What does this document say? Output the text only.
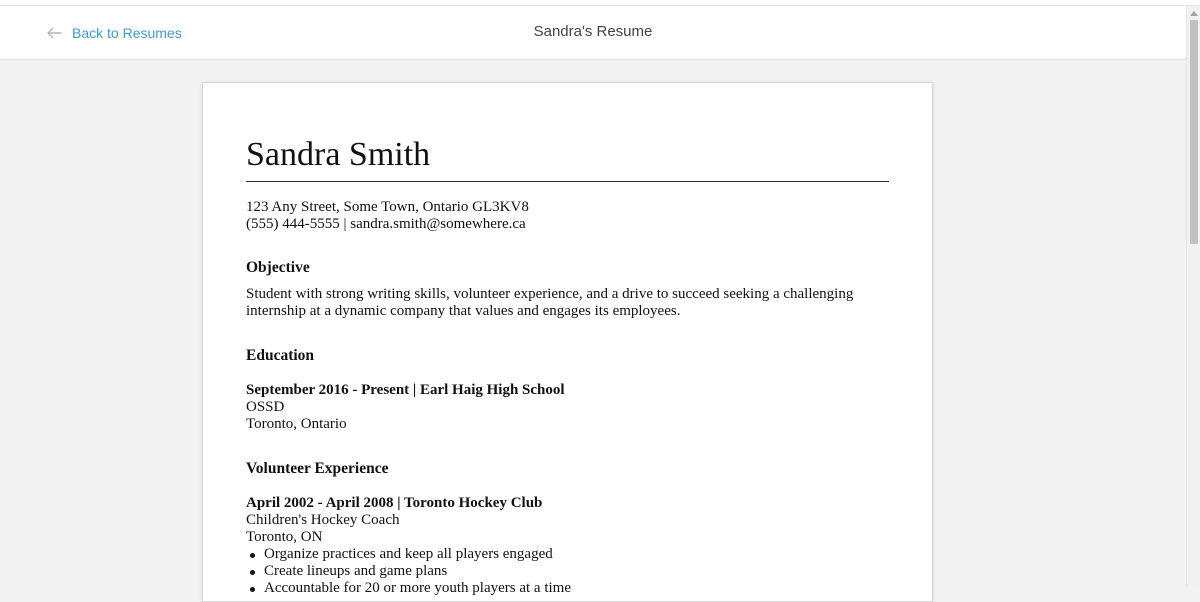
Back to Resumes	Sandra's Resume
Sandra Smith
123 Any Street, Some Town, Ontario GL3KV8
(555) 444-5555 | sandra.smith@somewhere.ca
Objective

Student with strong writing skills, volunteer experience, and a drive to succeed seeking a challenging internship at a dynamic company that values and engages its employees.

Education
September 2016 - Present | Earl Haig High School
OSSD
Toronto, Ontario
Volunteer Experience
April 2002 - April 2008 | Toronto Hockey Club
Children's Hockey Coach
Toronto, ON
Organize practices and keep all players engaged
Create lineups and game plans
Accountable for 20 or more youth players at a time
